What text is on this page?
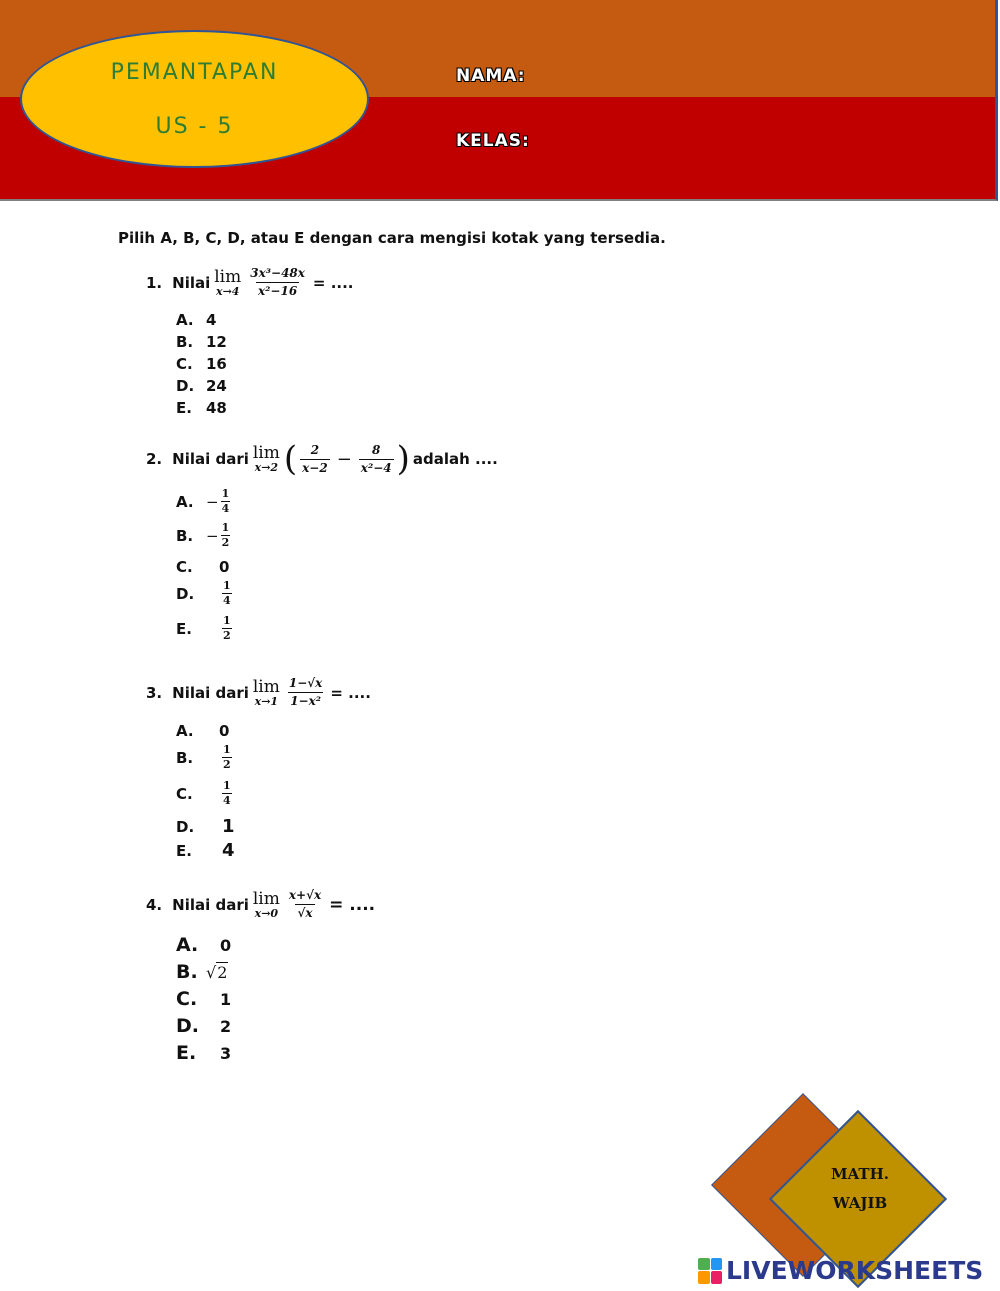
PEMANTAPAN
US - 5
NAMA:
KELAS:
Pilih A, B, C, D, atau E dengan cara mengisi kotak yang tersedia.
1. Nilai lim
$x\to 4 \frac{\text{3x³−48x}}{\text{x²−16}}$ = ....
A. 4
B. 12
C. 16
D. 24
E. 48
2. Nilai dari lim
x→2 ( $\frac{2}{x-2} - \frac{8}{\text{x²−4}}$ ) adalah ....
A. − $\frac{1}{4}$
B. − $\frac{1}{2}$
C.	0
D.	$\frac{1}{4}$
E.	$\frac{1}{2}$
3. Nilai dari lim
$x\to 1 \frac{1-√x}{\text{1−x²}}$ = ....
A.	0
B.	$\frac{1}{2}$
C.	$\frac{1}{4}$
D.	1
E.	4
4. Nilai dari lim
$x\to 0 \frac{x+√x}{√x}$ = ....
A.	0
B. √2
C.	1
D.	2
E.	3
MATH.
WAJIB
LIVEWORKSHEETS
